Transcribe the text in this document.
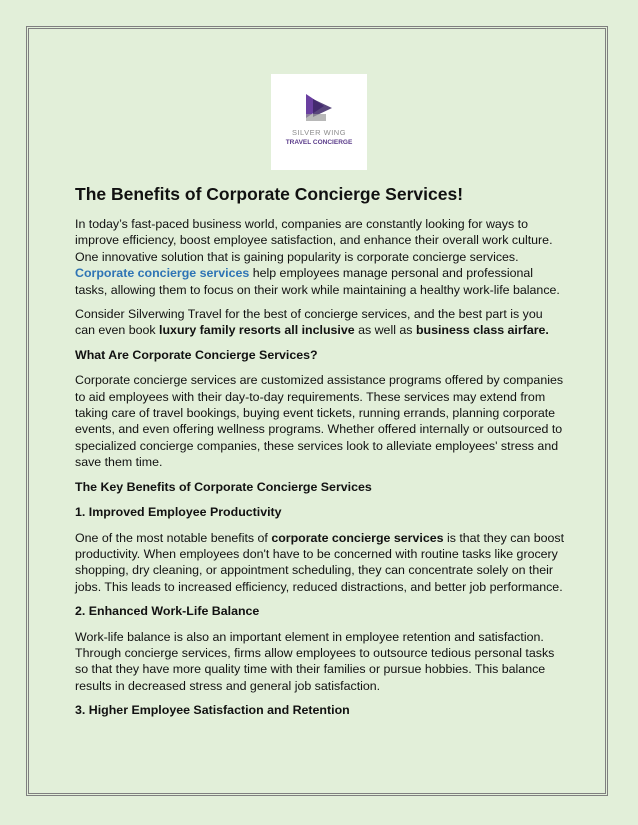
SILVER WING
TRAVEL CONCIERGE
The Benefits of Corporate Concierge Services!

In today’s fast-paced business world, companies are constantly looking for ways to improve efficiency, boost employee satisfaction, and enhance their overall work culture. One innovative solution that is gaining popularity is corporate concierge services. Corporate concierge services help employees manage personal and professional tasks, allowing them to focus on their work while maintaining a healthy work-life balance.

Consider Silverwing Travel for the best of concierge services, and the best part is you can even book luxury family resorts all inclusive as well as business class airfare.

What Are Corporate Concierge Services?

Corporate concierge services are customized assistance programs offered by companies to aid employees with their day-to-day requirements. These services may extend from taking care of travel bookings, buying event tickets, running errands, planning corporate events, and even offering wellness programs. Whether offered internally or outsourced to specialized concierge companies, these services look to alleviate employees' stress and save them time.

The Key Benefits of Corporate Concierge Services
1. Improved Employee Productivity

One of the most notable benefits of corporate concierge services is that they can boost productivity. When employees don't have to be concerned with routine tasks like grocery shopping, dry cleaning, or appointment scheduling, they can concentrate solely on their jobs. This leads to increased efficiency, reduced distractions, and better job performance.

2. Enhanced Work-Life Balance

Work-life balance is also an important element in employee retention and satisfaction. Through concierge services, firms allow employees to outsource tedious personal tasks so that they have more quality time with their families or pursue hobbies. This balance results in decreased stress and general job satisfaction.

3. Higher Employee Satisfaction and Retention
